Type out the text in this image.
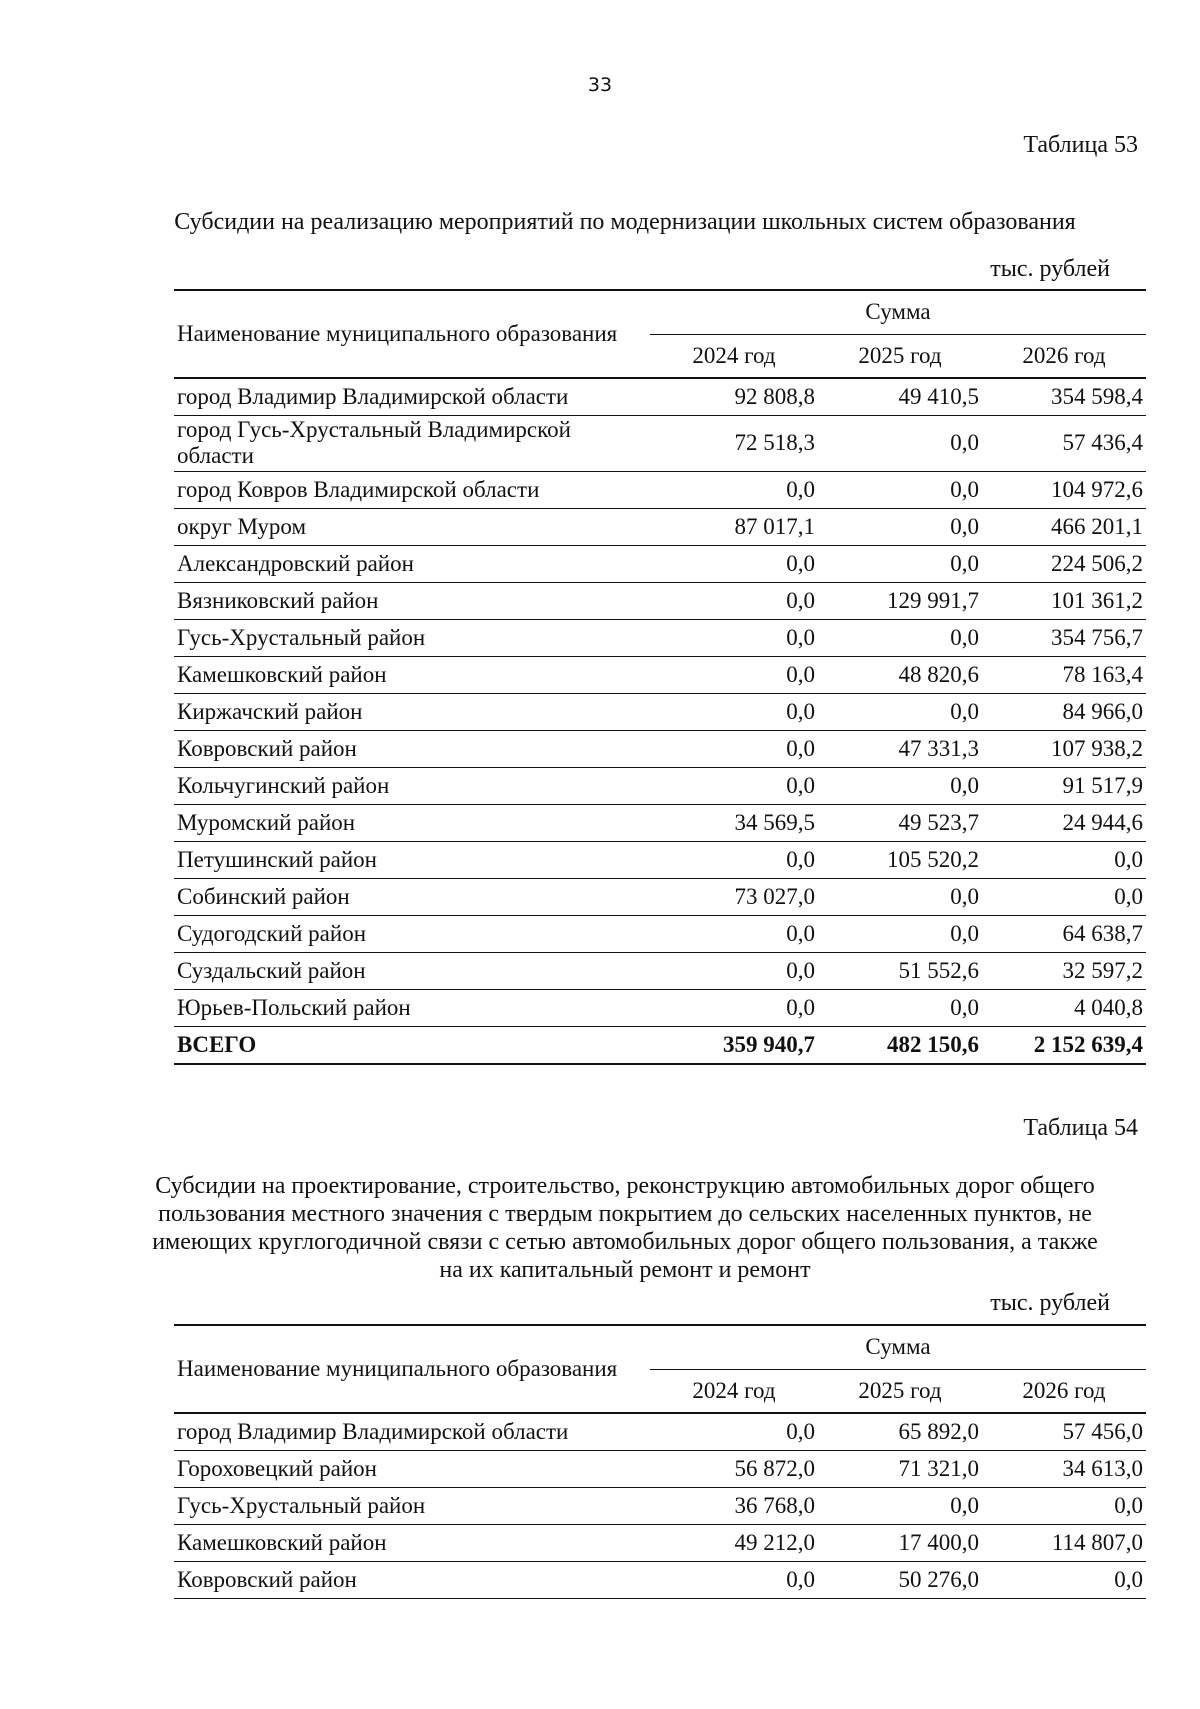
33
Таблица 53
Субсидии на реализацию мероприятий по модернизации школьных систем образования
тыс. рублей
Наименование муниципального образования	Сумма		
	2024 год	2025 год	2026 год
город Владимир Владимирской области	92 808,8	49 410,5	354 598,4
город Гусь-Хрустальный Владимирской области	72 518,3	0,0	57 436,4
город Ковров Владимирской области	0,0	0,0	104 972,6
округ Муром	87 017,1	0,0	466 201,1
Александровский район	0,0	0,0	224 506,2
Вязниковский район	0,0	129 991,7	101 361,2
Гусь-Хрустальный район	0,0	0,0	354 756,7
Камешковский район	0,0	48 820,6	78 163,4
Киржачский район	0,0	0,0	84 966,0
Ковровский район	0,0	47 331,3	107 938,2
Кольчугинский район	0,0	0,0	91 517,9
Муромский район	34 569,5	49 523,7	24 944,6
Петушинский район	0,0	105 520,2	0,0
Собинский район	73 027,0	0,0	0,0
Судогодский район	0,0	0,0	64 638,7
Суздальский район	0,0	51 552,6	32 597,2
Юрьев-Польский район	0,0	0,0	4 040,8
ВСЕГО	359 940,7	482 150,6	2 152 639,4
Таблица 54
Субсидии на проектирование, строительство, реконструкцию автомобильных дорог общего пользования местного значения с твердым покрытием до сельских населенных пунктов, не имеющих круглогодичной связи с сетью автомобильных дорог общего пользования, а также на их капитальный ремонт и ремонт
тыс. рублей
Наименование муниципального образования	Сумма		
	2024 год	2025 год	2026 год
город Владимир Владимирской области	0,0	65 892,0	57 456,0
Гороховецкий район	56 872,0	71 321,0	34 613,0
Гусь-Хрустальный район	36 768,0	0,0	0,0
Камешковский район	49 212,0	17 400,0	114 807,0
Ковровский район	0,0	50 276,0	0,0
